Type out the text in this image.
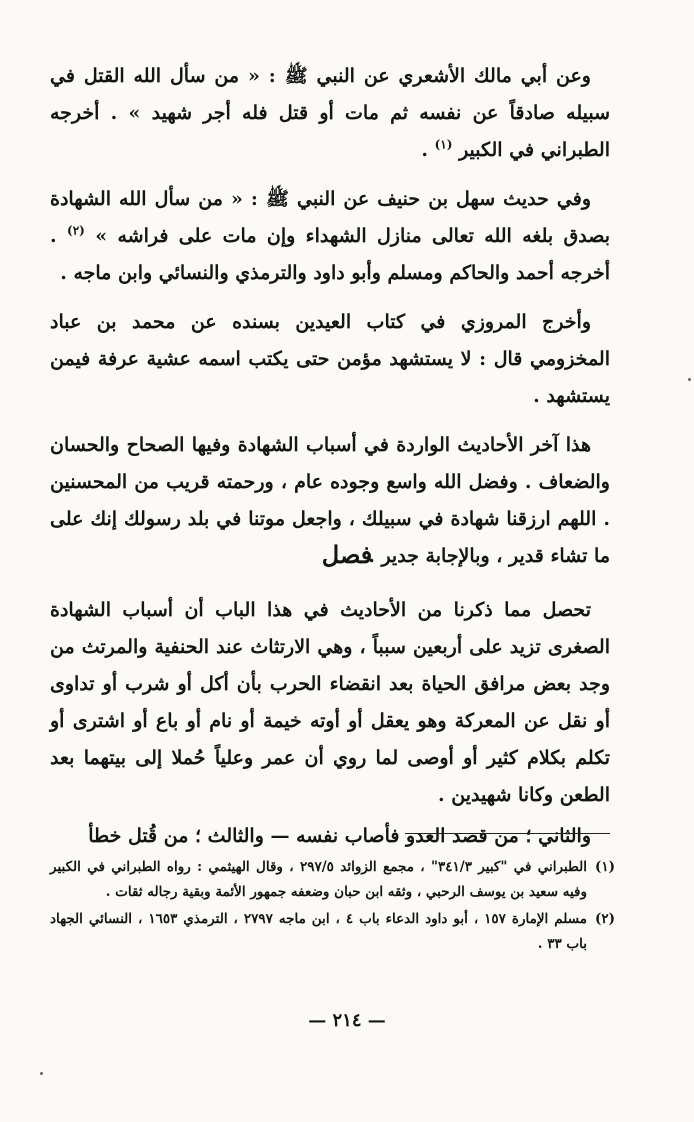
 وعن أبي مالك الأشعري عن النبي ﷺ : « من سأل الله القتل في سبيله صادقاً عن نفسه ثم مات أو قتل فله أجر شهيد » . أخرجه الطبراني في الكبير $^{(١)}$ .

 وفي حديث سهل بن حنيف عن النبي ﷺ : « من سأل الله الشهادة بصدق بلغه الله تعالى منازل الشهداء وإن مات على فراشه » $^{(٢)}$ . أخرجه أحمد والحاكم ومسلم وأبو داود والترمذي والنسائي وابن ماجه .

 وأخرج المروزي في كتاب العيدين بسنده عن محمد بن عباد المخزومي قال : لا يستشهد مؤمن حتى يكتب اسمه عشية عرفة فيمن يستشهد .

 هذا آخر الأحاديث الواردة في أسباب الشهادة وفيها الصحاح والحسان والضعاف . وفضل الله واسع وجوده عام ، ورحمته قريب من المحسنين . اللهم ارزقنا شهادة في سبيلك ، واجعل موتنا في بلد رسولك إنك على ما تشاء قدير ، وبالإجابة جدير .

فصل

 تحصل مما ذكرنا من الأحاديث في هذا الباب أن أسباب الشهادة الصغرى تزيد على أربعين سبباً ، وهي الارتثاث عند الحنفية والمرتث من وجد بعض مرافق الحياة بعد انقضاء الحرب بأن أكل أو شرب أو تداوى أو نقل عن المعركة وهو يعقل أو أوته خيمة أو نام أو باع أو اشترى أو تكلم بكلام كثير أو أوصى لما روي أن عمر وعلياً حُملا إلى بيتهما بعد الطعن وكانا شهيدين .

 والثاني ؛ من قصد العدو فأصاب نفسه — والثالث ؛ من قُتل خطأ

(١)
الطبراني في "كبير ٣٤١/٣" ، مجمع الزوائد ٢٩٧/٥ ، وقال الهيثمي : رواه الطبراني في الكبير وفيه سعيد بن يوسف الرحبي ، وثقه ابن حبان وضعفه جمهور الأئمة وبقية رجاله ثقات .
(٢)
مسلم الإمارة ١٥٧ ، أبو داود الدعاء باب ٤ ، ابن ماجه ٢٧٩٧ ، الترمذي ١٦٥٣ ، النسائي الجهاد باب ٣٣ .
— ٢١٤ —
